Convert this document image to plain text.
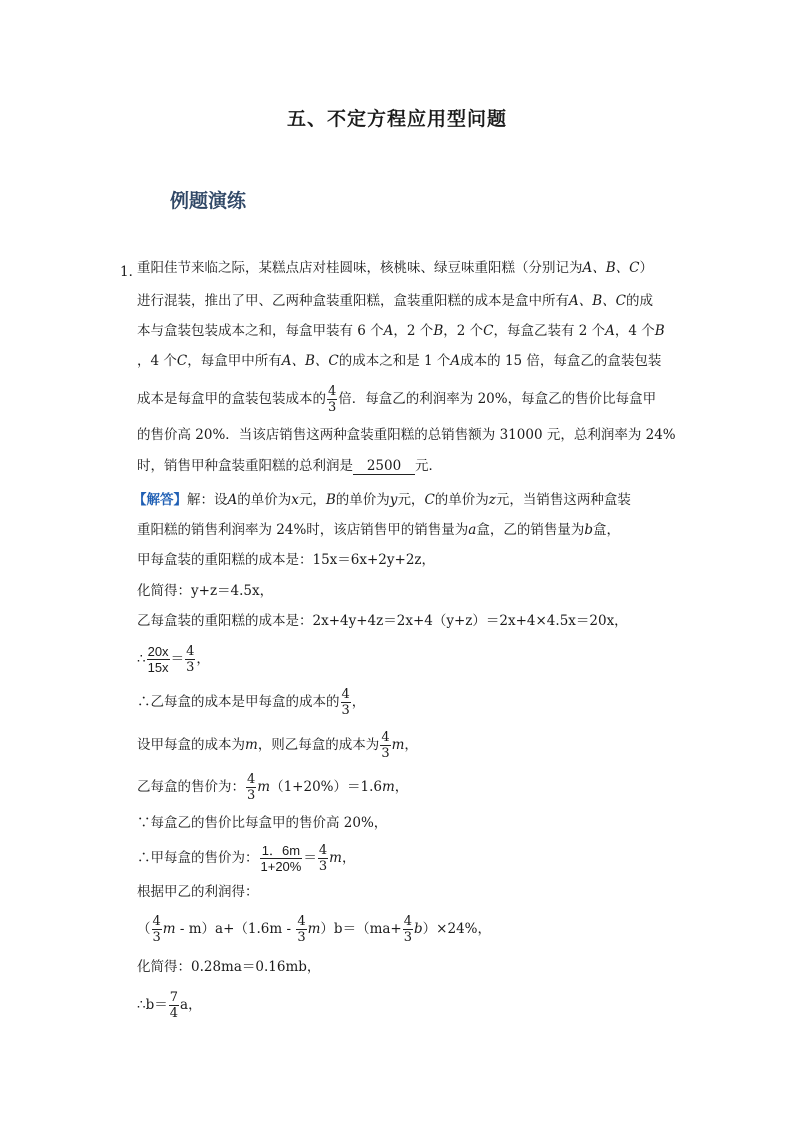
五、不定方程应用型问题
例题演练
1．
重阳佳节来临之际，某糕点店对桂圆味，核桃味、绿豆味重阳糕（分别记为A、B、C）
进行混装，推出了甲、乙两种盒装重阳糕，盒装重阳糕的成本是盒中所有A、B、C的成
本与盒装包装成本之和，每盒甲装有 6 个A，2 个B，2 个C，每盒乙装有 2 个A，4 个B
，4 个C，每盒甲中所有A、B、C的成本之和是 1 个A成本的 15 倍，每盒乙的盒装包装
成本是每盒甲的盒装包装成本的 $\frac{4}{3}$ 倍．每盒乙的利润率为 20%，每盒乙的售价比每盒甲
的售价高 20%．当该店销售这两种盒装重阳糕的总销售额为 31000 元，总利润率为 24%
时，销售甲种盒装重阳糕的总利润是 2500 元．
【解答】解：设A的单价为x元，B的单价为y元，C的单价为z元，当销售这两种盒装
重阳糕的销售利润率为 24%时，该店销售甲的销售量为a盒，乙的销售量为b盒，
甲每盒装的重阳糕的成本是：15x＝6x+2y+2z，
化简得：y+z＝4.5x，
乙每盒装的重阳糕的成本是：2x+4y+4z＝2x+4（y+z）＝2x+4×4.5x＝20x，
∴ $\frac{20x}{15x} = \frac{4}{3}$ ，
∴乙每盒的成本是甲每盒的成本的 $\frac{4}{3}$ ，
设甲每盒的成本为m，则乙每盒的成本为 $\frac{4}{3}$ m，
乙每盒的售价为： $\frac{4}{3} m(1+20\%)=1.6m$，
∵每盒乙的售价比每盒甲的售价高 20%，
∴甲每盒的售价为： $\frac{1.6m}{1+20\%} = \frac{4}{3}$ m，
根据甲乙的利润得：
（ $\frac{4}{3}$ $m - m)a+(1.6m - \frac{4}{3} m)b=(ma+ \frac{4}{3} b)\times 24\%$，
化简得：0.28ma＝0.16mb，
∴b＝ $\frac{7}{4}$ a，
